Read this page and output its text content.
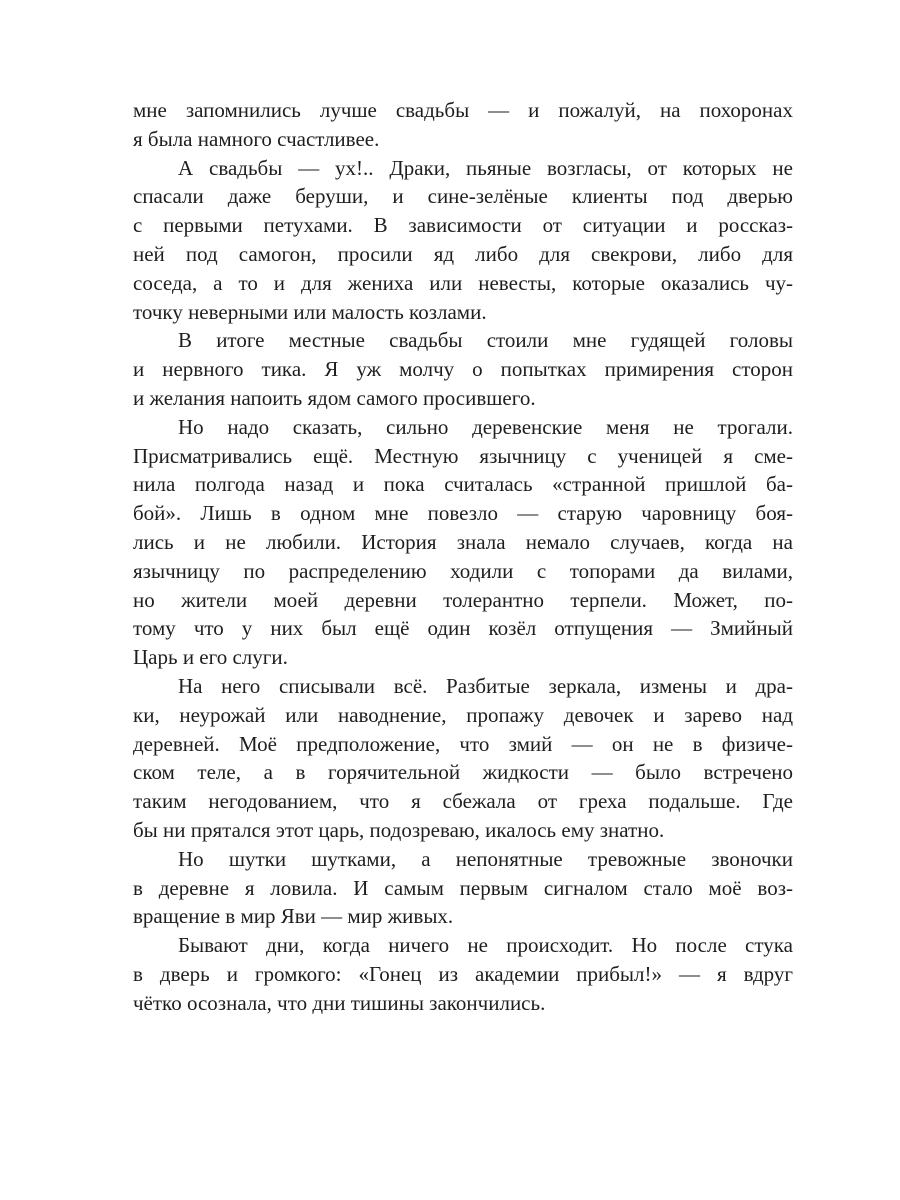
мне запомнились лучше свадьбы — и пожалуй, на похоронах
я была намного счастливее.
А свадьбы — ух!.. Драки, пьяные возгласы, от которых не
спасали даже беруши, и сине-зелёные клиенты под дверью
с первыми петухами. В зависимости от ситуации и россказ-
ней под самогон, просили яд либо для свекрови, либо для
соседа, а то и для жениха или невесты, которые оказались чу-
точку неверными или малость козлами.
В итоге местные свадьбы стоили мне гудящей головы
и нервного тика. Я уж молчу о попытках примирения сторон
и желания напоить ядом самого просившего.
Но надо сказать, сильно деревенские меня не трогали.
Присматривались ещё. Местную язычницу с ученицей я сме-
нила полгода назад и пока считалась «странной пришлой ба-
бой». Лишь в одном мне повезло — старую чаровницу боя-
лись и не любили. История знала немало случаев, когда на
язычницу по распределению ходили с топорами да вилами,
но жители моей деревни толерантно терпели. Может, по-
тому что у них был ещё один козёл отпущения — Змийный
Царь и его слуги.
На него списывали всё. Разбитые зеркала, измены и дра-
ки, неурожай или наводнение, пропажу девочек и зарево над
деревней. Моё предположение, что змий — он не в физиче-
ском теле, а в горячительной жидкости — было встречено
таким негодованием, что я сбежала от греха подальше. Где
бы ни прятался этот царь, подозреваю, икалось ему знатно.
Но шутки шутками, а непонятные тревожные звоночки
в деревне я ловила. И самым первым сигналом стало моё воз-
вращение в мир Яви — мир живых.
Бывают дни, когда ничего не происходит. Но после стука
в дверь и громкого: «Гонец из академии прибыл!» — я вдруг
чётко осознала, что дни тишины закончились.
